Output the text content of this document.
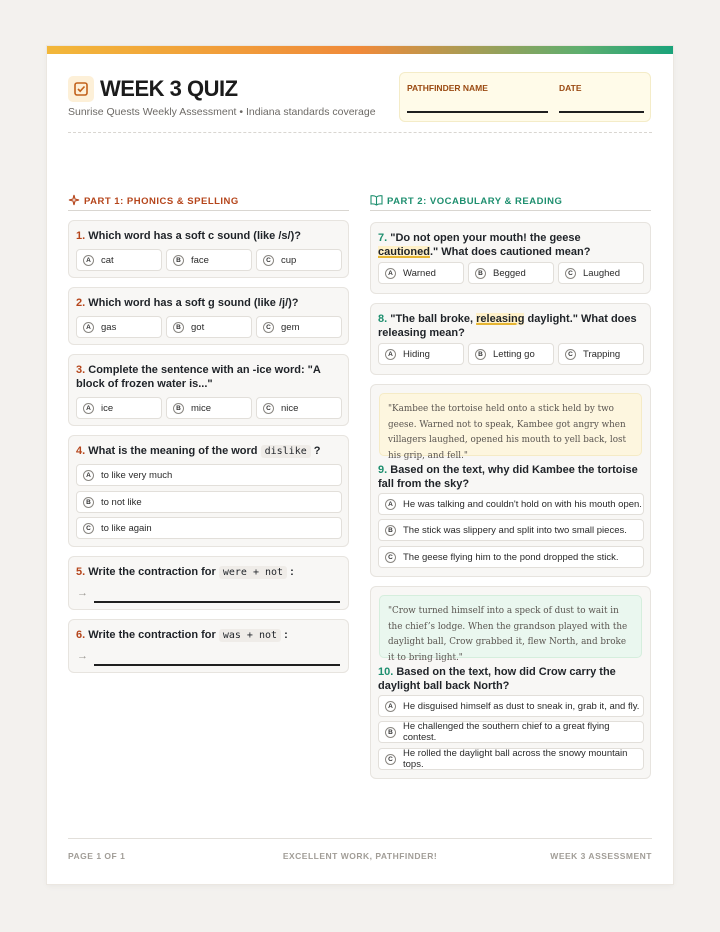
WEEK 3 QUIZ
Sunrise Quests Weekly Assessment • Indiana standards coverage
PATHFINDER NAME	DATE
PART 1: PHONICS & SPELLING
1. Which word has a soft c sound (like /s/)?
A	cat	B	face	C	cup
2. Which word has a soft g sound (like /j/)?
A	gas	B	got	C	gem
3. Complete the sentence with an -ice word: "A block of frozen water is..."
A	ice	B	mice	C	nice
4. What is the meaning of the word dislike ?
A	to like very much
B	to not like
C	to like again
5. Write the contraction for were + not :
→
6. Write the contraction for was + not :
→
PART 2: VOCABULARY & READING
7. "Do not open your mouth! the geese cautioned." What does cautioned mean?
A	Warned	B	Begged	C	Laughed
8. "The ball broke, releasing daylight." What does releasing mean?
A	Hiding	B	Letting go	C	Trapping
"Kambee the tortoise held onto a stick held by two geese. Warned not to speak, Kambee got angry when villagers laughed, opened his mouth to yell back, lost his grip, and fell."
9. Based on the text, why did Kambee the tortoise fall from the sky?
A	He was talking and couldn't hold on with his mouth open.
B	The stick was slippery and split into two small pieces.
C	The geese flying him to the pond dropped the stick.
"Crow turned himself into a speck of dust to wait in the chief’s lodge. When the grandson played with the daylight ball, Crow grabbed it, flew North, and broke it to bring light."
10. Based on the text, how did Crow carry the daylight ball back North?
A	He disguised himself as dust to sneak in, grab it, and fly.
B	He challenged the southern chief to a great flying contest.
C	He rolled the daylight ball across the snowy mountain tops.
PAGE 1 OF 1	EXCELLENT WORK, PATHFINDER!	WEEK 3 ASSESSMENT
